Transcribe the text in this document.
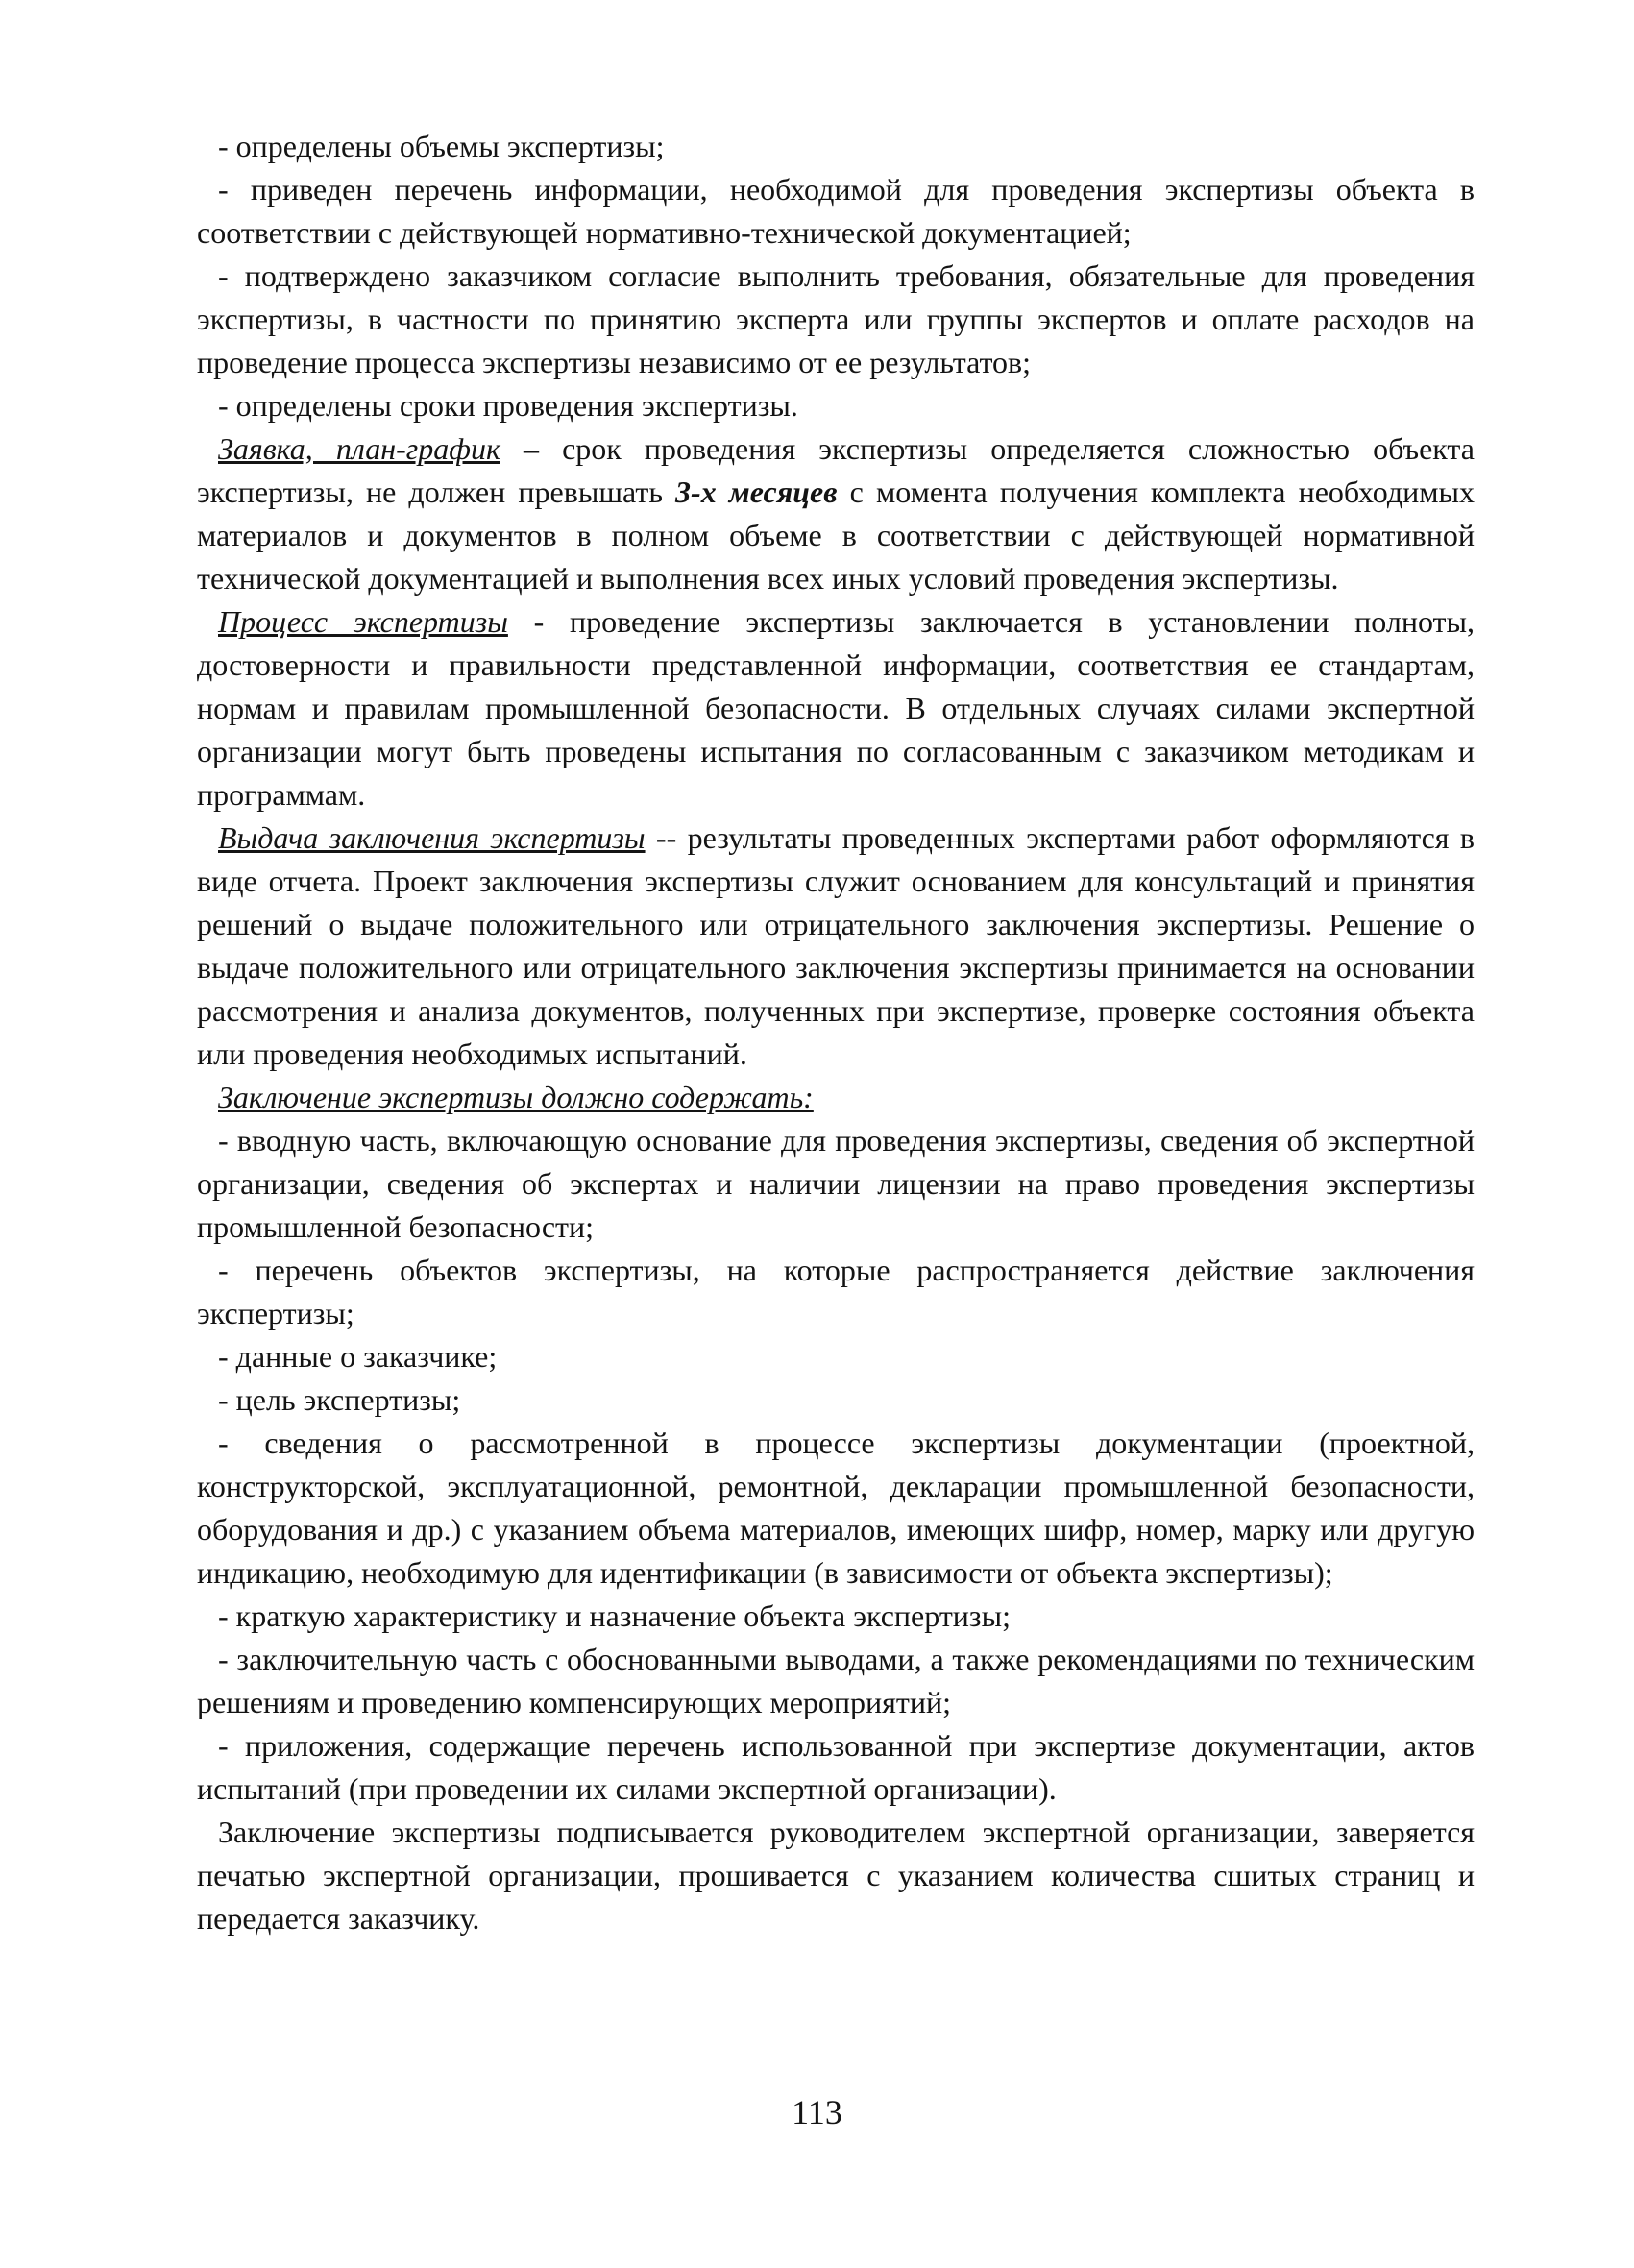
- определены объемы экспертизы;

- приведен перечень информации, необходимой для проведения экспертизы объекта в соответствии с действующей нормативно-технической документацией;

- подтверждено заказчиком согласие выполнить требования, обязательные для проведения экспертизы, в частности по принятию эксперта или группы экспертов и оплате расходов на проведение процесса экспертизы независимо от ее результатов;

- определены сроки проведения экспертизы.

Заявка, план-график – срок проведения экспертизы определяется сложностью объекта экспертизы, не должен превышать 3-х месяцев с момента получения комплекта необходимых материалов и документов в полном объеме в соответствии с действующей нормативной технической документацией и выполнения всех иных условий проведения экспертизы.

Процесс экспертизы - проведение экспертизы заключается в установлении полноты, достоверности и правильности представленной информации, соответствия ее стандартам, нормам и правилам промышленной безопасности. В отдельных случаях силами экспертной организации могут быть проведены испытания по согласованным с заказчиком методикам и программам.

Выдача заключения экспертизы -- результаты проведенных экспертами работ оформляются в виде отчета. Проект заключения экспертизы служит основанием для консультаций и принятия решений о выдаче положительного или отрицательного заключения экспертизы. Решение о выдаче положительного или отрицательного заключения экспертизы принимается на основании рассмотрения и анализа документов, полученных при экспертизе, проверке состояния объекта или проведения необходимых испытаний.

Заключение экспертизы должно содержать:

- вводную часть, включающую основание для проведения экспертизы, сведения об экспертной организации, сведения об экспертах и наличии лицензии на право проведения экспертизы промышленной безопасности;

- перечень объектов экспертизы, на которые распространяется действие заключения экспертизы;

- данные о заказчике;

- цель экспертизы;

- сведения о рассмотренной в процессе экспертизы документации (проектной, конструкторской, эксплуатационной, ремонтной, декларации промышленной безопасности, оборудования и др.) с указанием объема материалов, имеющих шифр, номер, марку или другую индикацию, необходимую для идентификации (в зависимости от объекта экспертизы);

- краткую характеристику и назначение объекта экспертизы;

- заключительную часть с обоснованными выводами, а также рекомендациями по техническим решениям и проведению компенсирующих мероприятий;

- приложения, содержащие перечень использованной при экспертизе документации, актов испытаний (при проведении их силами экспертной организации).

Заключение экспертизы подписывается руководителем экспертной организации, заверяется печатью экспертной организации, прошивается с указанием количества сшитых страниц и передается заказчику.

113
